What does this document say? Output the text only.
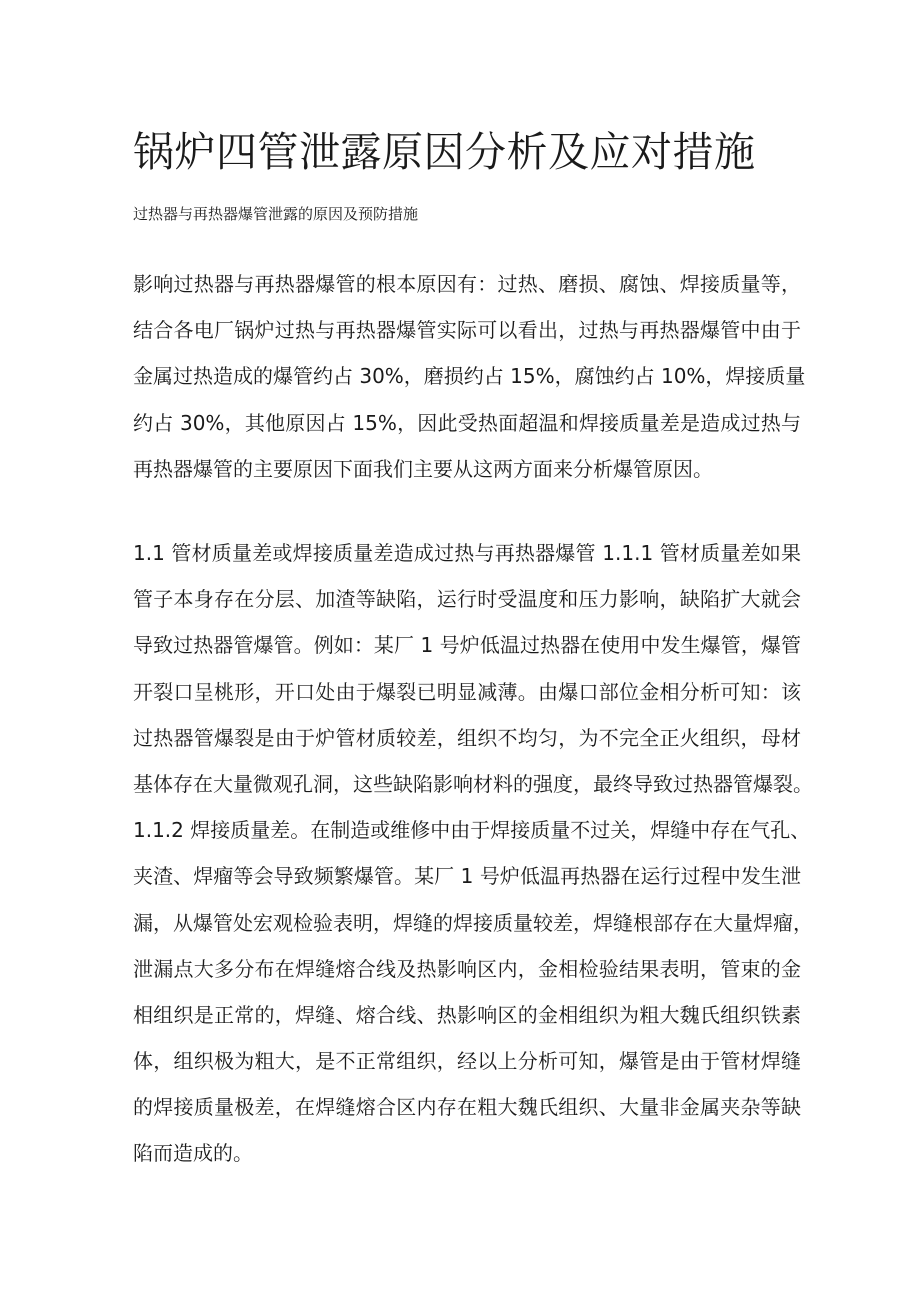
锅炉四管泄露原因分析及应对措施

过热器与再热器爆管泄露的原因及预防措施

影响过热器与再热器爆管的根本原因有：过热、磨损、腐蚀、焊接质量等，
结合各电厂锅炉过热与再热器爆管实际可以看出，过热与再热器爆管中由于
金属过热造成的爆管约占 30%，磨损约占 15%，腐蚀约占 10%，焊接质量
约占 30%，其他原因占 15%，因此受热面超温和焊接质量差是造成过热与
再热器爆管的主要原因下面我们主要从这两方面来分析爆管原因。
1.1 管材质量差或焊接质量差造成过热与再热器爆管 1.1.1 管材质量差如果
管子本身存在分层、加渣等缺陷，运行时受温度和压力影响，缺陷扩大就会
导致过热器管爆管。例如：某厂 1 号炉低温过热器在使用中发生爆管，爆管
开裂口呈桃形，开口处由于爆裂已明显减薄。由爆口部位金相分析可知：该
过热器管爆裂是由于炉管材质较差，组织不均匀，为不完全正火组织，母材
基体存在大量微观孔洞，这些缺陷影响材料的强度，最终导致过热器管爆裂。
1.1.2 焊接质量差。在制造或维修中由于焊接质量不过关，焊缝中存在气孔、
夹渣、焊瘤等会导致频繁爆管。某厂 1 号炉低温再热器在运行过程中发生泄
漏，从爆管处宏观检验表明，焊缝的焊接质量较差，焊缝根部存在大量焊瘤，
泄漏点大多分布在焊缝熔合线及热影响区内，金相检验结果表明，管束的金
相组织是正常的，焊缝、熔合线、热影响区的金相组织为粗大魏氏组织铁素
体，组织极为粗大，是不正常组织，经以上分析可知，爆管是由于管材焊缝
的焊接质量极差，在焊缝熔合区内存在粗大魏氏组织、大量非金属夹杂等缺
陷而造成的。
